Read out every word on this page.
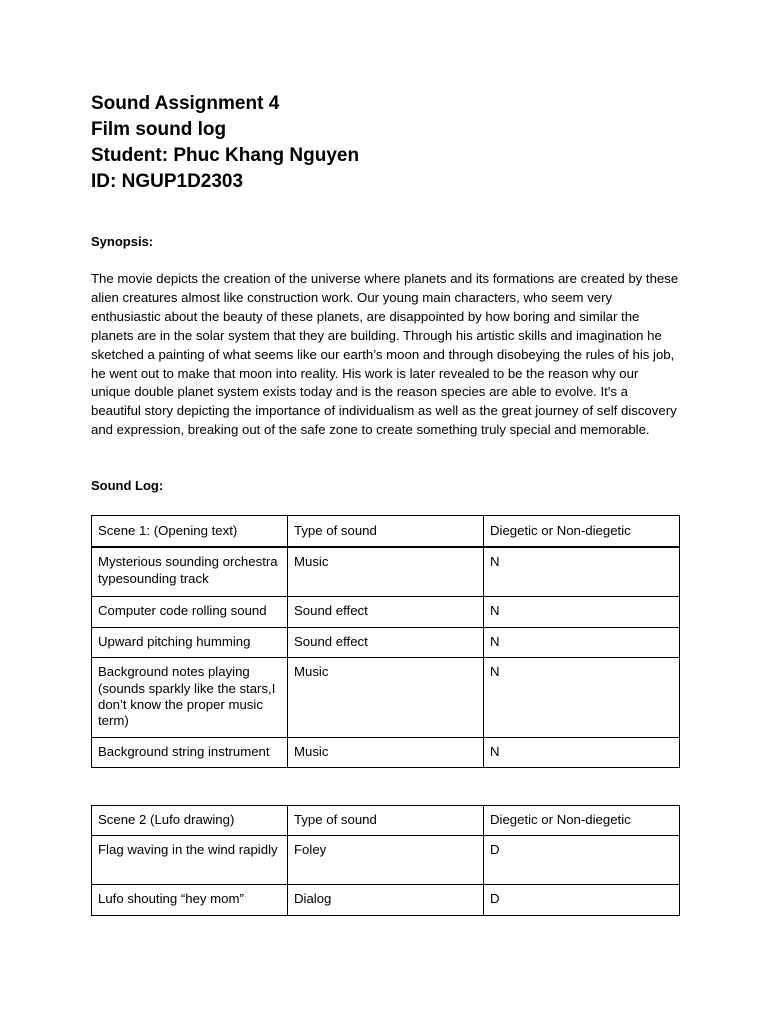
Sound Assignment 4
Film sound log
Student: Phuc Khang Nguyen
ID: NGUP1D2303
Synopsis:
The movie depicts the creation of the universe where planets and its formations are created by these alien creatures almost like construction work. Our young main characters, who seem very enthusiastic about the beauty of these planets, are disappointed by how boring and similar the planets are in the solar system that they are building. Through his artistic skills and imagination he sketched a painting of what seems like our earth’s moon and through disobeying the rules of his job, he went out to make that moon into reality. His work is later revealed to be the reason why our unique double planet system exists today and is the reason species are able to evolve. It's a beautiful story depicting the importance of individualism as well as the great journey of self discovery and expression, breaking out of the safe zone to create something truly special and memorable.
Sound Log:
Scene 1: (Opening text)	Type of sound	Diegetic or Non-diegetic
Mysterious sounding orchestra typesounding track	Music	N
Computer code rolling sound	Sound effect	N
Upward pitching humming	Sound effect	N
Background notes playing (sounds sparkly like the stars,I don’t know the proper music term)	Music	N
Background string instrument	Music	N
Scene 2 (Lufo drawing)	Type of sound	Diegetic or Non-diegetic
Flag waving in the wind rapidly	Foley	D
Lufo shouting “hey mom”	Dialog	D
